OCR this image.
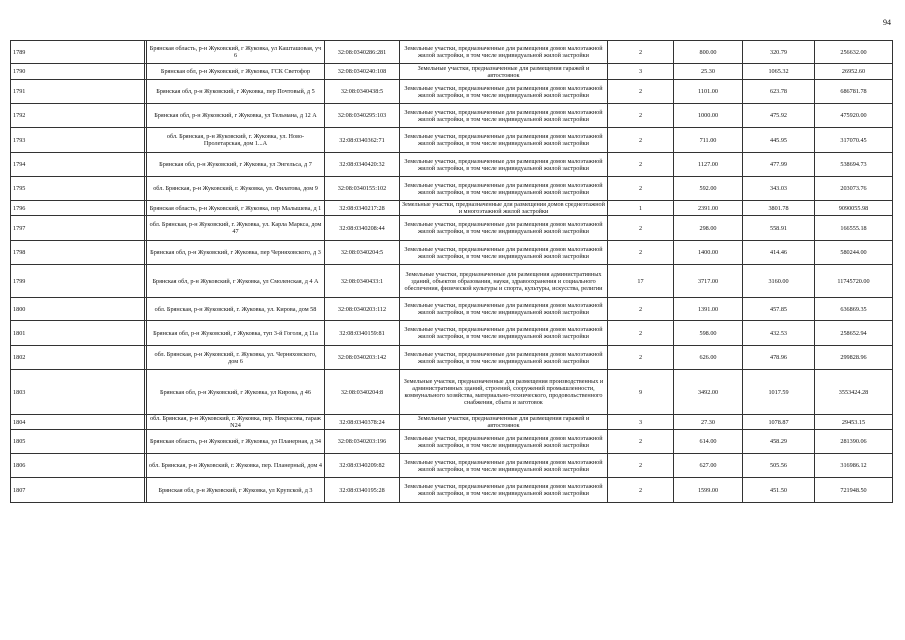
94
1789		Брянская область, р-н Жуковский, г Жуковка, ул Кашташовая, уч 6	32:08:0340286:281	Земельные участки, предназначенные для размещения домов малоэтажной жилой застройки, в том числе индивидуальной жилой застройки	2	800.00	320.79	256632.00
1790		Брянская обл, р-н Жуковский, г Жуковка, ГСК Светофор	32:08:0340240:108	Земельные участки, предназначенные для размещения гаражей и автостоянок	3	25.30	1065.32	26952.60
1791		Брянская обл, р-н Жуковский, г Жуковка, пер Почтовый, д 5	32:08:0340438:5	Земельные участки, предназначенные для размещения домов малоэтажной жилой застройки, в том числе индивидуальной жилой застройки	2	1101.00	623.78	686781.78
1792		Брянская обл, р-н Жуковский, г Жуковка, ул Тельмана, д 12 А	32:08:0340295:103	Земельные участки, предназначенные для размещения домов малоэтажной жилой застройки, в том числе индивидуальной жилой застройки	2	1000.00	475.92	475920.00
1793		обл. Брянская, р-н Жуковский, г. Жуковка, ул. Ново-Пролетарская, дом 1...А	32:08:0340362:71	Земельные участки, предназначенные для размещения домов малоэтажной жилой застройки, в том числе индивидуальной жилой застройки	2	711.00	445.95	317070.45
1794		Брянская обл, р-н Жуковский, г Жуковка, ул Энгельса, д 7	32:08:0340420:32	Земельные участки, предназначенные для размещения домов малоэтажной жилой застройки, в том числе индивидуальной жилой застройки	2	1127.00	477.99	538694.73
1795		обл. Брянская, р-н Жуковский, г. Жуковка, ул. Филатова, дом 9	32:08:0340155:102	Земельные участки, предназначенные для размещения домов малоэтажной жилой застройки, в том числе индивидуальной жилой застройки	2	592.00	343.03	203073.76
1796		Брянская область, р-н Жуковский, г Жуковка, пер Малышева, д 1	32:08:0340217:28	Земельные участки, предназначенные для размещения домов среднеэтажной и многоэтажной жилой застройки	1	2391.00	3801.78	9090055.98
1797		обл. Брянская, р-н Жуковский, г. Жуковка, ул. Карла Маркса, дом 47	32:08:0340208:44	Земельные участки, предназначенные для размещения домов малоэтажной жилой застройки, в том числе индивидуальной жилой застройки	2	298.00	558.91	166555.18
1798		Брянская обл, р-н Жуковский, г Жуковка, пер Черняховского, д 3	32:08:0340204:5	Земельные участки, предназначенные для размещения домов малоэтажной жилой застройки, в том числе индивидуальной жилой застройки	2	1400.00	414.46	580244.00
1799		Брянская обл, р-н Жуковский, г Жуковка, ул Смоленская, д 4 А	32:08:0340433:1	Земельные участки, предназначенные для размещения административных зданий, объектов образования, науки, здравоохранения и социального обеспечения, физической культуры и спорта, культуры, искусства, религии	17	3717.00	3160.00	11745720.00
1800		обл. Брянская, р-н Жуковский, г. Жуковка, ул. Кирова, дом 58	32:08:0340203:112	Земельные участки, предназначенные для размещения домов малоэтажной жилой застройки, в том числе индивидуальной жилой застройки	2	1391.00	457.85	636869.35
1801		Брянская обл, р-н Жуковский, г Жуковка, туп 3-й Гоголя, д 11а	32:08:0340159:81	Земельные участки, предназначенные для размещения домов малоэтажной жилой застройки, в том числе индивидуальной жилой застройки	2	598.00	432.53	258652.94
1802		обл. Брянская, р-н Жуковский, г. Жуковка, ул. Черняховского, дом 6	32:08:0340203:142	Земельные участки, предназначенные для размещения домов малоэтажной жилой застройки, в том числе индивидуальной жилой застройки	2	626.00	478.96	299828.96
1803		Брянская обл, р-н Жуковский, г Жуковка, ул Кирова, д 46	32:08:0340204:8	Земельные участки, предназначенные для размещения производственных и административных зданий, строений, сооружений промышленности, коммунального хозяйства, материально-технического, продовольственного снабжения, сбыта и заготовок	9	3492.00	1017.59	3553424.28
1804		обл. Брянская, р-н Жуковский, г. Жуковка, пер. Некрасова, гараж N24	32:08:0340378:24	Земельные участки, предназначенные для размещения гаражей и автостоянок	3	27.30	1078.87	29453.15
1805		Брянская область, р-н Жуковский, г Жуковка, ул Планерная, д 34	32:08:0340203:196	Земельные участки, предназначенные для размещения домов малоэтажной жилой застройки, в том числе индивидуальной жилой застройки	2	614.00	458.29	281390.06
1806		обл. Брянская, р-н Жуковский, г. Жуковка, пер. Планерный, дом 4	32:08:0340209:82	Земельные участки, предназначенные для размещения домов малоэтажной жилой застройки, в том числе индивидуальной жилой застройки	2	627.00	505.56	316986.12
1807		Брянская обл, р-н Жуковский, г Жуковка, ул Крупской, д 3	32:08:0340195:28	Земельные участки, предназначенные для размещения домов малоэтажной жилой застройки, в том числе индивидуальной жилой застройки	2	1599.00	451.50	721948.50
